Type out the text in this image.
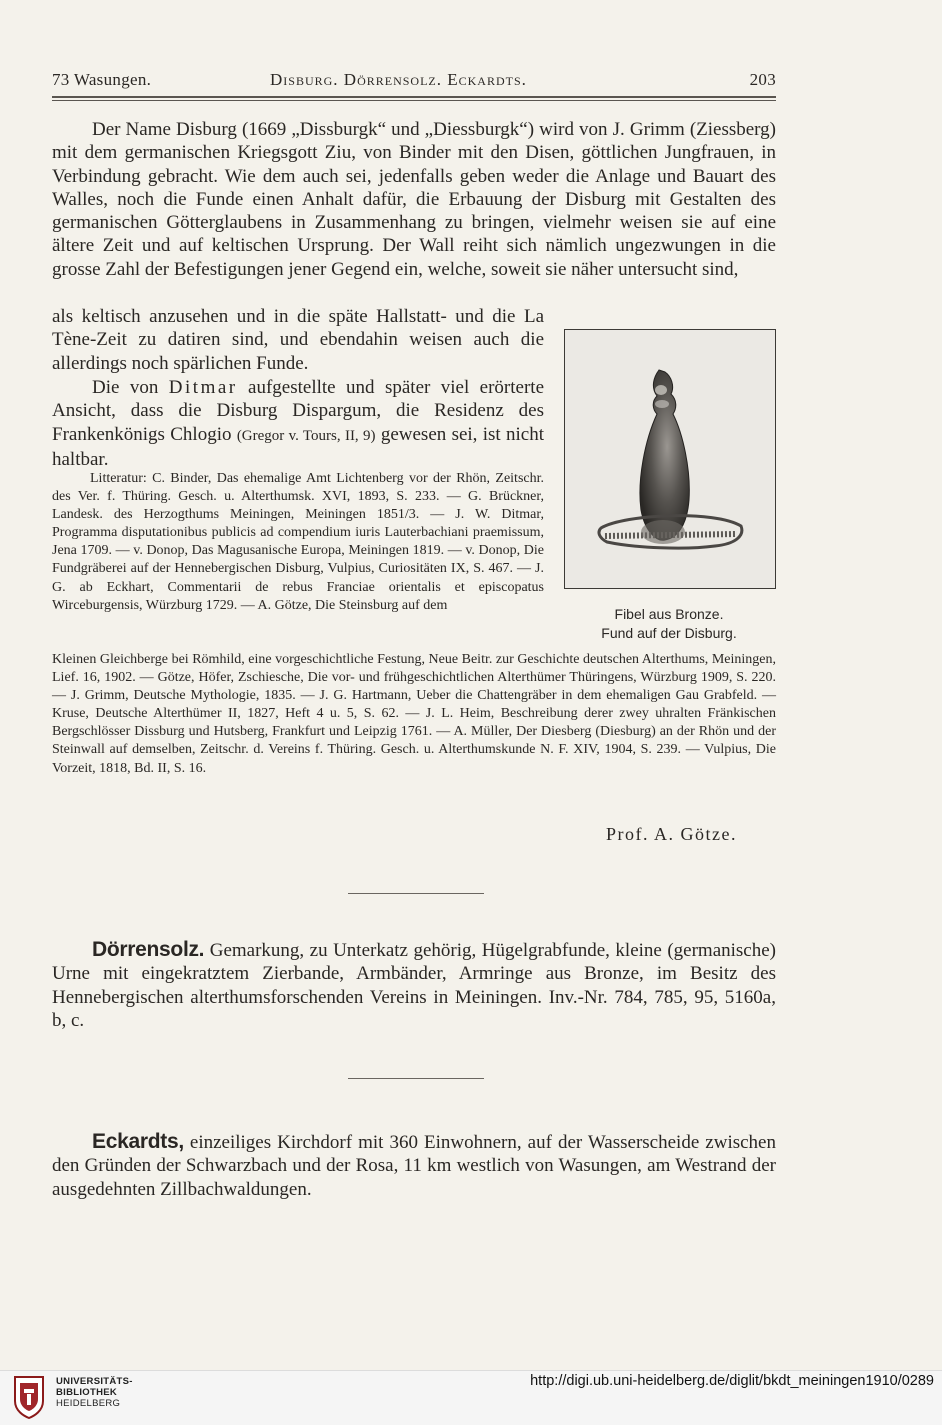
73 Wasungen.	Disburg. Dörrensolz. Eckardts.	203
Der Name Disburg (1669 „Dissburgk“ und „Diessburgk“) wird von J. Grimm (Ziessberg) mit dem germanischen Kriegsgott Ziu, von Binder mit den Disen, göttlichen Jungfrauen, in Verbindung gebracht. Wie dem auch sei, jedenfalls geben weder die Anlage und Bauart des Walles, noch die Funde einen Anhalt dafür, die Erbauung der Disburg mit Gestalten des germanischen Götterglaubens in Zusammenhang zu bringen, vielmehr weisen sie auf eine ältere Zeit und auf keltischen Ursprung. Der Wall reiht sich nämlich ungezwungen in die grosse Zahl der Befestigungen jener Gegend ein, welche, soweit sie näher untersucht sind,
als keltisch anzusehen und in die späte Hallstatt- und die La Tène-Zeit zu datiren sind, und ebendahin weisen auch die allerdings noch spärlichen Funde.
Die von Ditmar aufgestellte und später viel erörterte Ansicht, dass die Disburg Dispargum, die Residenz des Frankenkönigs Chlogio (Gregor v. Tours, II, 9) gewesen sei, ist nicht haltbar.
Litteratur: C. Binder, Das ehemalige Amt Lichtenberg vor der Rhön, Zeitschr. des Ver. f. Thüring. Gesch. u. Alterthumsk. XVI, 1893, S. 233. — G. Brückner, Landesk. des Herzogthums Meiningen, Meiningen 1851/3. — J. W. Ditmar, Programma disputationibus publicis ad compendium iuris Lauterbachiani praemissum, Jena 1709. — v. Donop, Das Magusanische Europa, Meiningen 1819. — v. Donop, Die Fundgräberei auf der Hennebergischen Disburg, Vulpius, Curiositäten IX, S. 467. — J. G. ab Eckhart, Commentarii de rebus Franciae orientalis et episcopatus Wirceburgensis, Würzburg 1729. — A. Götze, Die Steinsburg auf dem
Kleinen Gleichberge bei Römhild, eine vorgeschichtliche Festung, Neue Beitr. zur Geschichte deutschen Alterthums, Meiningen, Lief. 16, 1902. — Götze, Höfer, Zschiesche, Die vor- und frühgeschichtlichen Alterthümer Thüringens, Würzburg 1909, S. 220. — J. Grimm, Deutsche Mythologie, 1835. — J. G. Hartmann, Ueber die Chattengräber in dem ehemaligen Gau Grabfeld. — Kruse, Deutsche Alterthümer II, 1827, Heft 4 u. 5, S. 62. — J. L. Heim, Beschreibung derer zwey uhralten Fränkischen Bergschlösser Dissburg und Hutsberg, Frankfurt und Leipzig 1761. — A. Müller, Der Diesberg (Diesburg) an der Rhön und der Steinwall auf demselben, Zeitschr. d. Vereins f. Thüring. Gesch. u. Alterthumskunde N. F. XIV, 1904, S. 239. — Vulpius, Die Vorzeit, 1818, Bd. II, S. 16.
Prof. A. Götze.
Fibel aus Bronze.
Fund auf der Disburg.
Dörrensolz. Gemarkung, zu Unterkatz gehörig, Hügelgrabfunde, kleine (germanische) Urne mit eingekratztem Zierbande, Armbänder, Armringe aus Bronze, im Besitz des Hennebergischen alterthumsforschenden Vereins in Meiningen. Inv.-Nr. 784, 785, 95, 5160a, b, c.
Eckardts, einzeiliges Kirchdorf mit 360 Einwohnern, auf der Wasserscheide zwischen den Gründen der Schwarzbach und der Rosa, 11 km westlich von Wasungen, am Westrand der ausgedehnten Zillbachwaldungen.
UNIVERSITÄTS-
BIBLIOTHEK
HEIDELBERG
http://digi.ub.uni-heidelberg.de/diglit/bkdt_meiningen1910/0289
